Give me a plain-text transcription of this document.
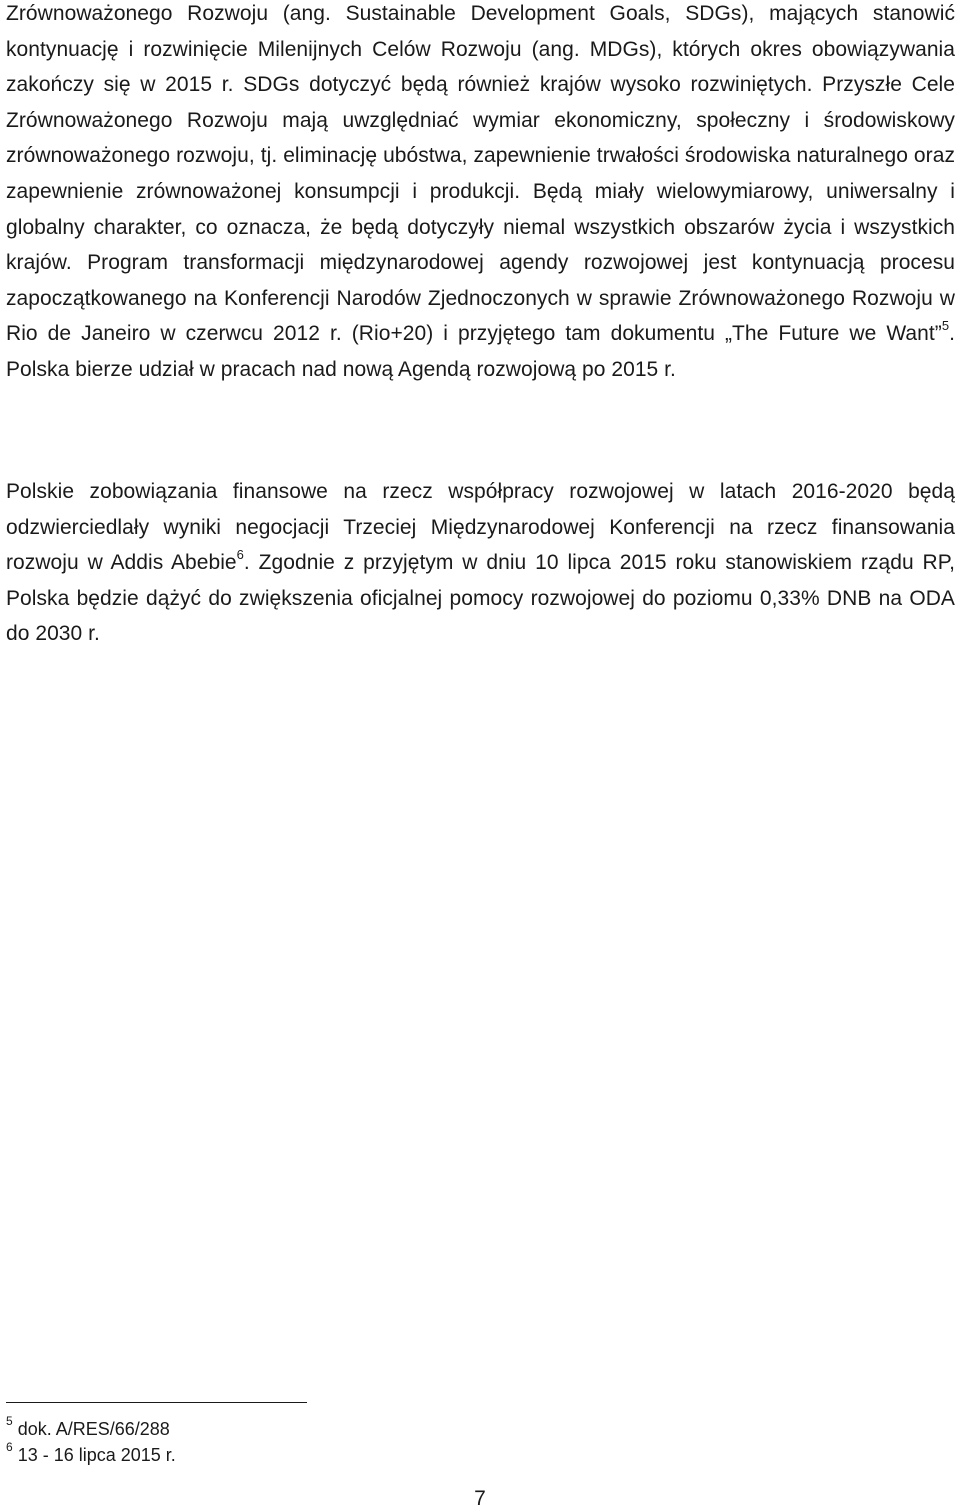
Zrównoważonego Rozwoju (ang. Sustainable Development Goals, SDGs), mających stanowić kontynuację i rozwinięcie Milenijnych Celów Rozwoju (ang. MDGs), których okres obowiązywania zakończy się w 2015 r. SDGs dotyczyć będą również krajów wysoko rozwiniętych. Przyszłe Cele Zrównoważonego Rozwoju mają uwzględniać wymiar ekonomiczny, społeczny i środowiskowy zrównoważonego rozwoju, tj. eliminację ubóstwa, zapewnienie trwałości środowiska naturalnego oraz zapewnienie zrównoważonej konsumpcji i produkcji. Będą miały wielowymiarowy, uniwersalny i globalny charakter, co oznacza, że będą dotyczyły niemal wszystkich obszarów życia i wszystkich krajów. Program transformacji międzynarodowej agendy rozwojowej jest kontynuacją procesu zapoczątkowanego na Konferencji Narodów Zjednoczonych w sprawie Zrównoważonego Rozwoju w Rio de Janeiro w czerwcu 2012 r. (Rio+20) i przyjętego tam dokumentu „The Future we Want”$^5$. Polska bierze udział w pracach nad nową Agendą rozwojową po 2015 r.

Polskie zobowiązania finansowe na rzecz współpracy rozwojowej w latach 2016-2020 będą odzwierciedlały wyniki negocjacji Trzeciej Międzynarodowej Konferencji na rzecz finansowania rozwoju w Addis Abebie$^6$. Zgodnie z przyjętym w dniu 10 lipca 2015 roku stanowiskiem rządu RP, Polska będzie dążyć do zwiększenia oficjalnej pomocy rozwojowej do poziomu 0,33% DNB na ODA do 2030 r.

$^5$ dok. A/RES/66/288

$^6$ 13 - 16 lipca 2015 r.

7
